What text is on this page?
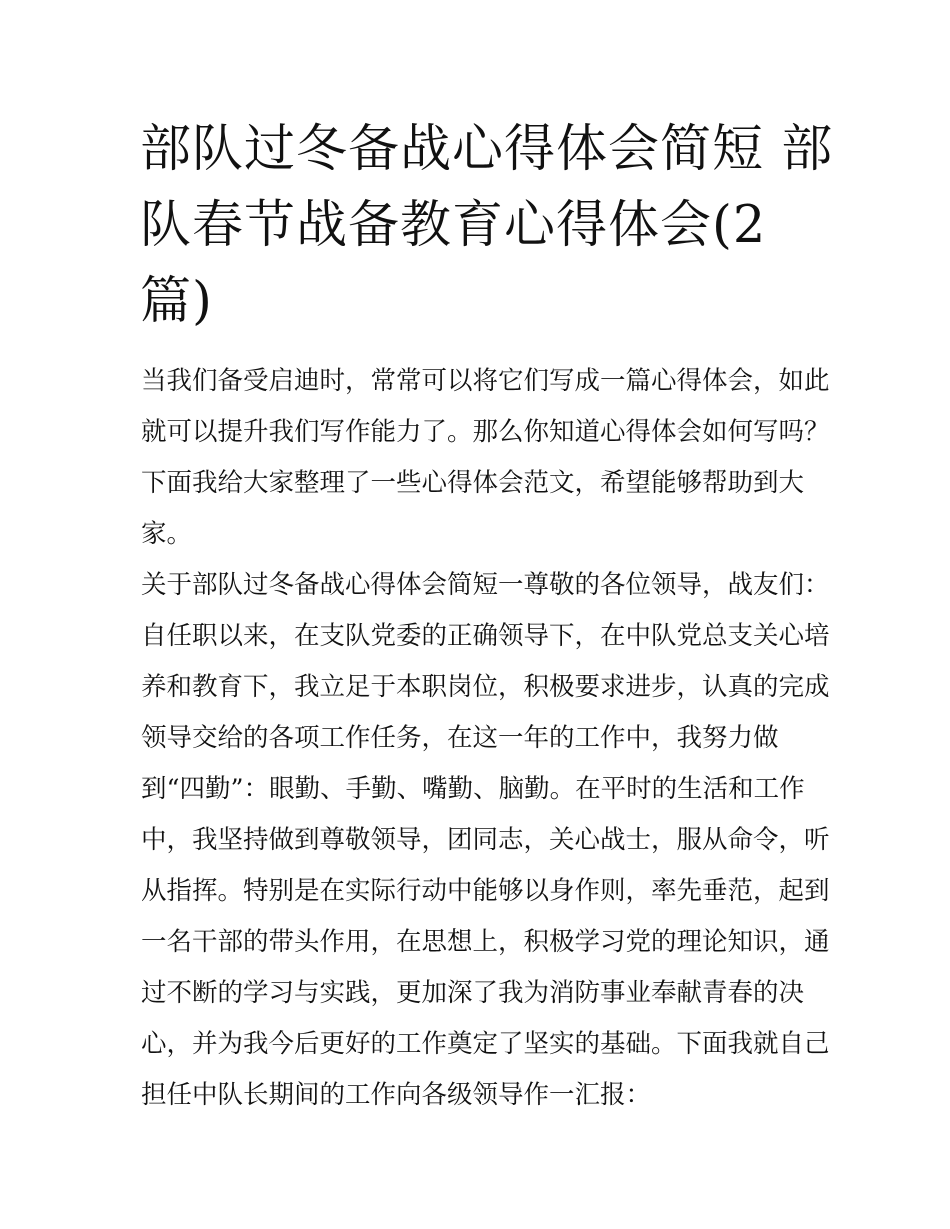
部队过冬备战心得体会简短 部
队春节战备教育心得体会(2
篇)
当我们备受启迪时，常常可以将它们写成一篇心得体会，如此
就可以提升我们写作能力了。那么你知道心得体会如何写吗？
下面我给大家整理了一些心得体会范文，希望能够帮助到大
家。
关于部队过冬备战心得体会简短一尊敬的各位领导，战友们：
自任职以来，在支队党委的正确领导下，在中队党总支关心培
养和教育下，我立足于本职岗位，积极要求进步，认真的完成
领导交给的各项工作任务，在这一年的工作中，我努力做
到“四勤”：眼勤、手勤、嘴勤、脑勤。在平时的生活和工作
中，我坚持做到尊敬领导，团同志，关心战士，服从命令，听
从指挥。特别是在实际行动中能够以身作则，率先垂范，起到
一名干部的带头作用，在思想上，积极学习党的理论知识，通
过不断的学习与实践，更加深了我为消防事业奉献青春的决
心，并为我今后更好的工作奠定了坚实的基础。下面我就自己
担任中队长期间的工作向各级领导作一汇报：
